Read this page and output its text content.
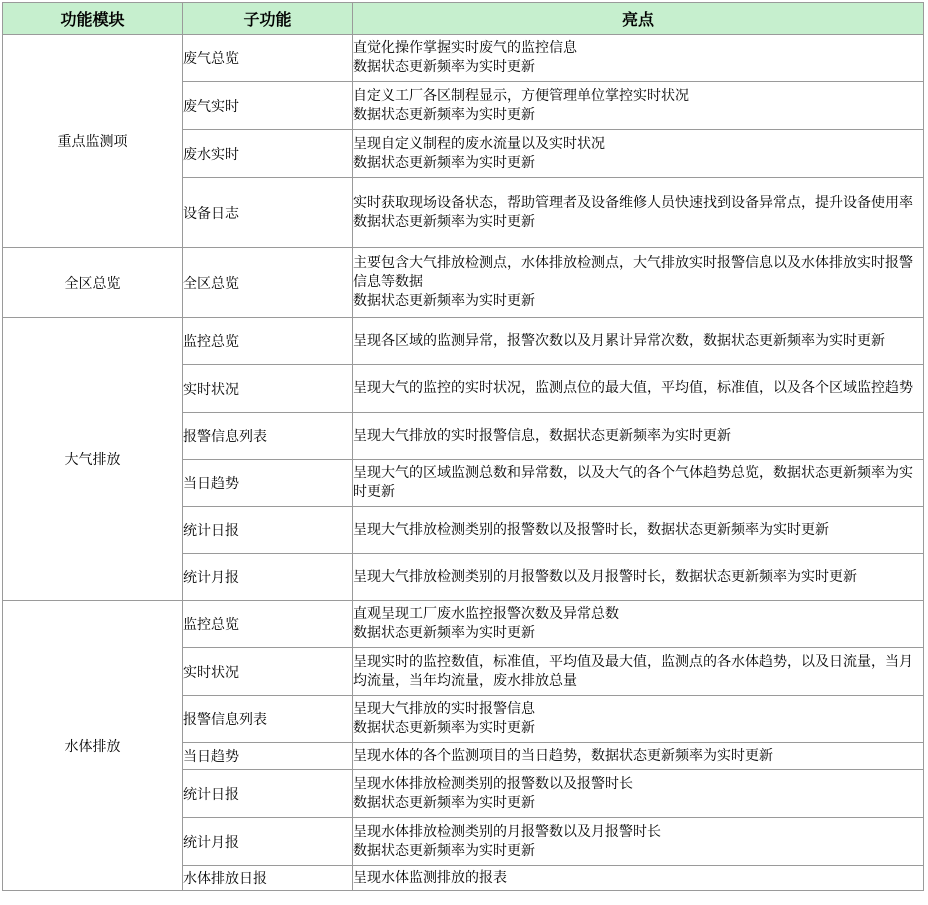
功能模块	子功能	亮点
重点监测项	废气总览	直觉化操作掌握实时废气的监控信息
数据状态更新频率为实时更新

	废气实时	自定义工厂各区制程显示，方便管理单位掌控实时状况
数据状态更新频率为实时更新

	废水实时	呈现自定义制程的废水流量以及实时状况
数据状态更新频率为实时更新

	设备日志	实时获取现场设备状态，帮助管理者及设备维修人员快速找到设备异常点，提升设备使用率
数据状态更新频率为实时更新

全区总览	全区总览	主要包含大气排放检测点，水体排放检测点，大气排放实时报警信息以及水体排放实时报警信息等数据
数据状态更新频率为实时更新

大气排放	监控总览	呈现各区域的监测异常，报警次数以及月累计异常次数，数据状态更新频率为实时更新

	实时状况	呈现大气的监控的实时状况，监测点位的最大值，平均值，标准值，以及各个区域监控趋势

	报警信息列表	呈现大气排放的实时报警信息，数据状态更新频率为实时更新

	当日趋势	呈现大气的区域监测总数和异常数，以及大气的各个气体趋势总览，数据状态更新频率为实时更新

	统计日报	呈现大气排放检测类别的报警数以及报警时长，数据状态更新频率为实时更新

	统计月报	呈现大气排放检测类别的月报警数以及月报警时长，数据状态更新频率为实时更新

水体排放	监控总览	直观呈现工厂废水监控报警次数及异常总数
数据状态更新频率为实时更新

	实时状况	呈现实时的监控数值，标准值，平均值及最大值，监测点的各水体趋势，以及日流量，当月均流量，当年均流量，废水排放总量

	报警信息列表	呈现大气排放的实时报警信息
数据状态更新频率为实时更新

	当日趋势	呈现水体的各个监测项目的当日趋势，数据状态更新频率为实时更新

	统计日报	呈现水体排放检测类别的报警数以及报警时长
数据状态更新频率为实时更新

	统计月报	呈现水体排放检测类别的月报警数以及月报警时长
数据状态更新频率为实时更新

	水体排放日报	呈现水体监测排放的报表
